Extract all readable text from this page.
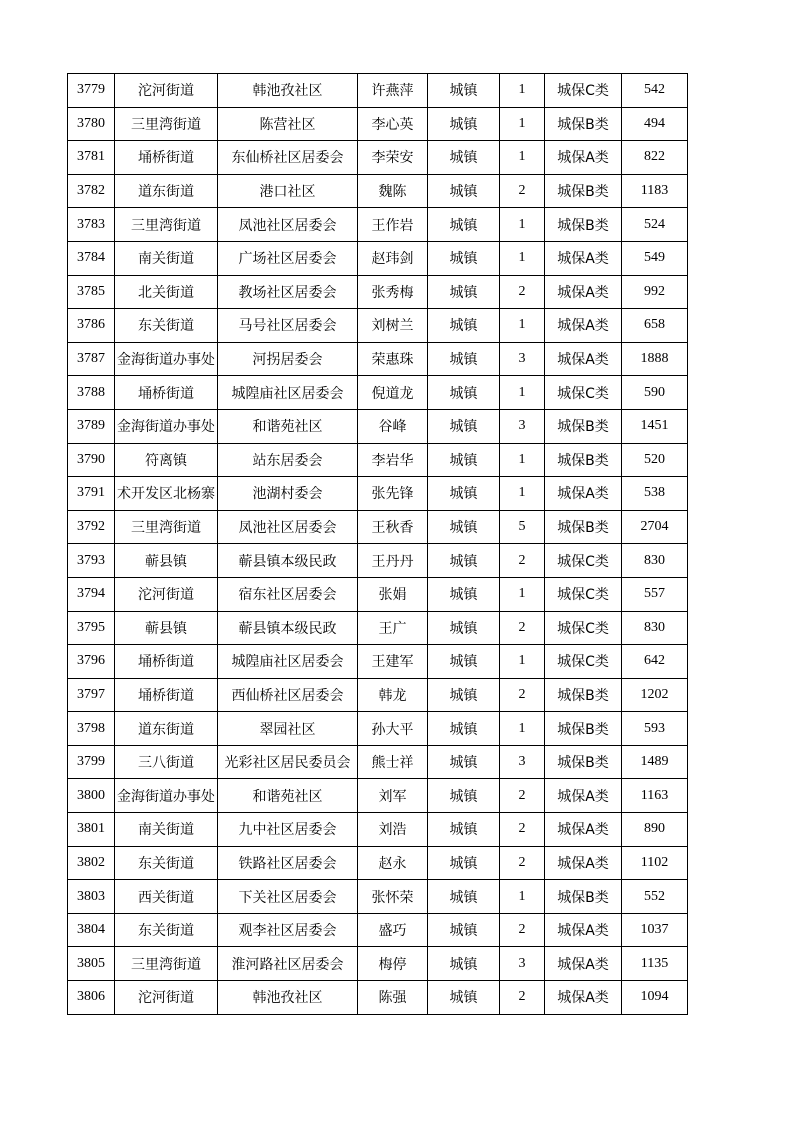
3779	沱河街道	韩池孜社区	许燕萍	城镇	1	城保C类	542
3780	三里湾街道	陈营社区	李心英	城镇	1	城保B类	494
3781	埇桥街道	东仙桥社区居委会	李荣安	城镇	1	城保A类	822
3782	道东街道	港口社区	魏陈	城镇	2	城保B类	1183
3783	三里湾街道	凤池社区居委会	王作岩	城镇	1	城保B类	524
3784	南关街道	广场社区居委会	赵玮剑	城镇	1	城保A类	549
3785	北关街道	教场社区居委会	张秀梅	城镇	2	城保A类	992
3786	东关街道	马号社区居委会	刘树兰	城镇	1	城保A类	658
3787	金海街道办事处	河拐居委会	荣惠珠	城镇	3	城保A类	1888
3788	埇桥街道	城隍庙社区居委会	倪道龙	城镇	1	城保C类	590
3789	金海街道办事处	和谐苑社区	谷峰	城镇	3	城保B类	1451
3790	符离镇	站东居委会	李岩华	城镇	1	城保B类	520
3791	术开发区北杨寨	池湖村委会	张先锋	城镇	1	城保A类	538
3792	三里湾街道	凤池社区居委会	王秋香	城镇	5	城保B类	2704
3793	蕲县镇	蕲县镇本级民政	王丹丹	城镇	2	城保C类	830
3794	沱河街道	宿东社区居委会	张娟	城镇	1	城保C类	557
3795	蕲县镇	蕲县镇本级民政	王广	城镇	2	城保C类	830
3796	埇桥街道	城隍庙社区居委会	王建军	城镇	1	城保C类	642
3797	埇桥街道	西仙桥社区居委会	韩龙	城镇	2	城保B类	1202
3798	道东街道	翠园社区	孙大平	城镇	1	城保B类	593
3799	三八街道	光彩社区居民委员会	熊士祥	城镇	3	城保B类	1489
3800	金海街道办事处	和谐苑社区	刘军	城镇	2	城保A类	1163
3801	南关街道	九中社区居委会	刘浩	城镇	2	城保A类	890
3802	东关街道	铁路社区居委会	赵永	城镇	2	城保A类	1102
3803	西关街道	下关社区居委会	张怀荣	城镇	1	城保B类	552
3804	东关街道	观李社区居委会	盛巧	城镇	2	城保A类	1037
3805	三里湾街道	淮河路社区居委会	梅停	城镇	3	城保A类	1135
3806	沱河街道	韩池孜社区	陈强	城镇	2	城保A类	1094
